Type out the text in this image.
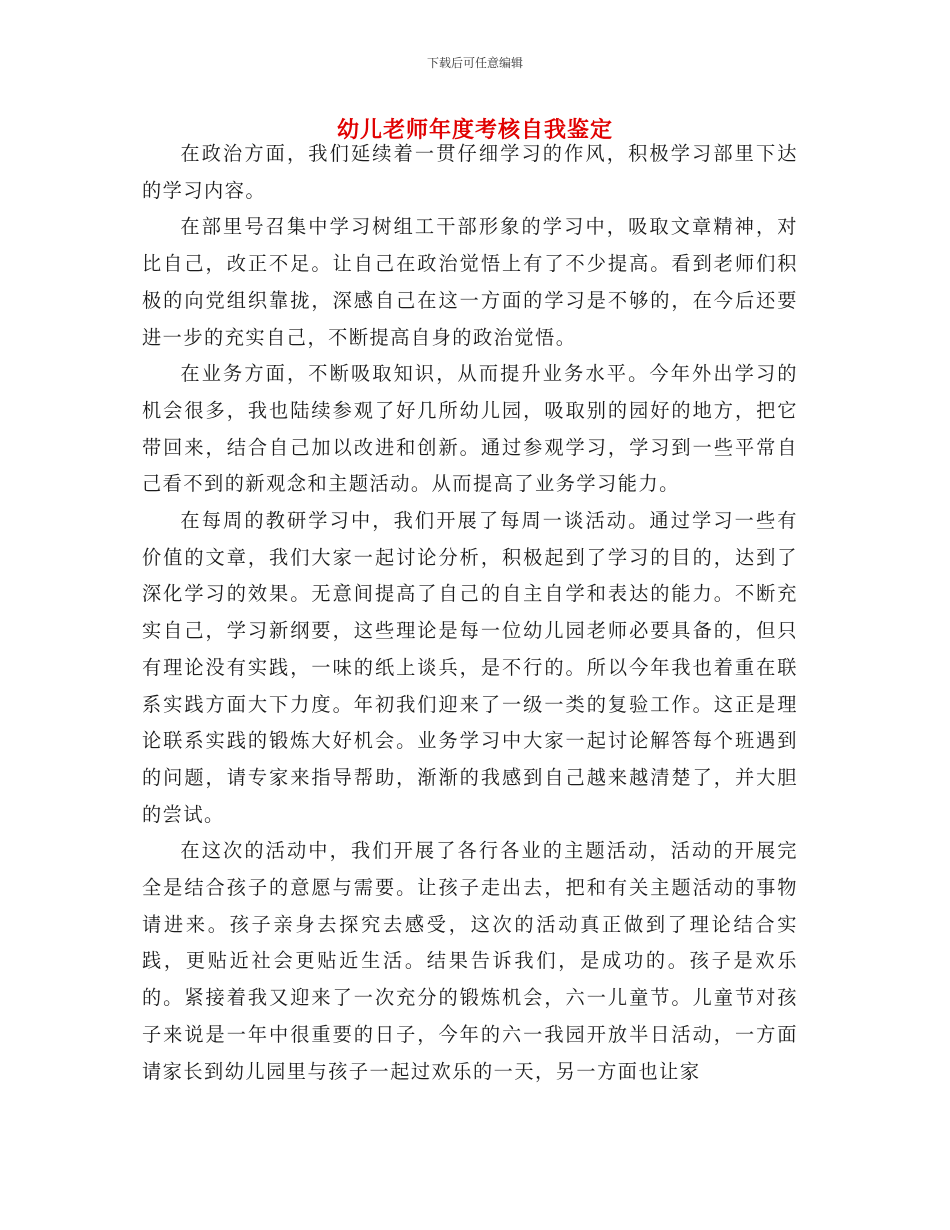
下载后可任意编辑
幼儿老师年度考核自我鉴定

在政治方面，我们延续着一贯仔细学习的作风，积极学习部里下达的学习内容。

在部里号召集中学习树组工干部形象的学习中，吸取文章精神，对比自己，改正不足。让自己在政治觉悟上有了不少提高。看到老师们积极的向党组织靠拢，深感自己在这一方面的学习是不够的，在今后还要进一步的充实自己，不断提高自身的政治觉悟。

在业务方面，不断吸取知识，从而提升业务水平。今年外出学习的机会很多，我也陆续参观了好几所幼儿园，吸取别的园好的地方，把它带回来，结合自己加以改进和创新。通过参观学习，学习到一些平常自己看不到的新观念和主题活动。从而提高了业务学习能力。

在每周的教研学习中，我们开展了每周一谈活动。通过学习一些有价值的文章，我们大家一起讨论分析，积极起到了学习的目的，达到了深化学习的效果。无意间提高了自己的自主自学和表达的能力。不断充实自己，学习新纲要，这些理论是每一位幼儿园老师必要具备的，但只有理论没有实践，一味的纸上谈兵，是不行的。所以今年我也着重在联系实践方面大下力度。年初我们迎来了一级一类的复验工作。这正是理论联系实践的锻炼大好机会。业务学习中大家一起讨论解答每个班遇到的问题，请专家来指导帮助，渐渐的我感到自己越来越清楚了，并大胆的尝试。

在这次的活动中，我们开展了各行各业的主题活动，活动的开展完全是结合孩子的意愿与需要。让孩子走出去，把和有关主题活动的事物请进来。孩子亲身去探究去感受，这次的活动真正做到了理论结合实践，更贴近社会更贴近生活。结果告诉我们，是成功的。孩子是欢乐的。紧接着我又迎来了一次充分的锻炼机会，六一儿童节。儿童节对孩子来说是一年中很重要的日子，今年的六一我园开放半日活动，一方面请家长到幼儿园里与孩子一起过欢乐的一天，另一方面也让家
